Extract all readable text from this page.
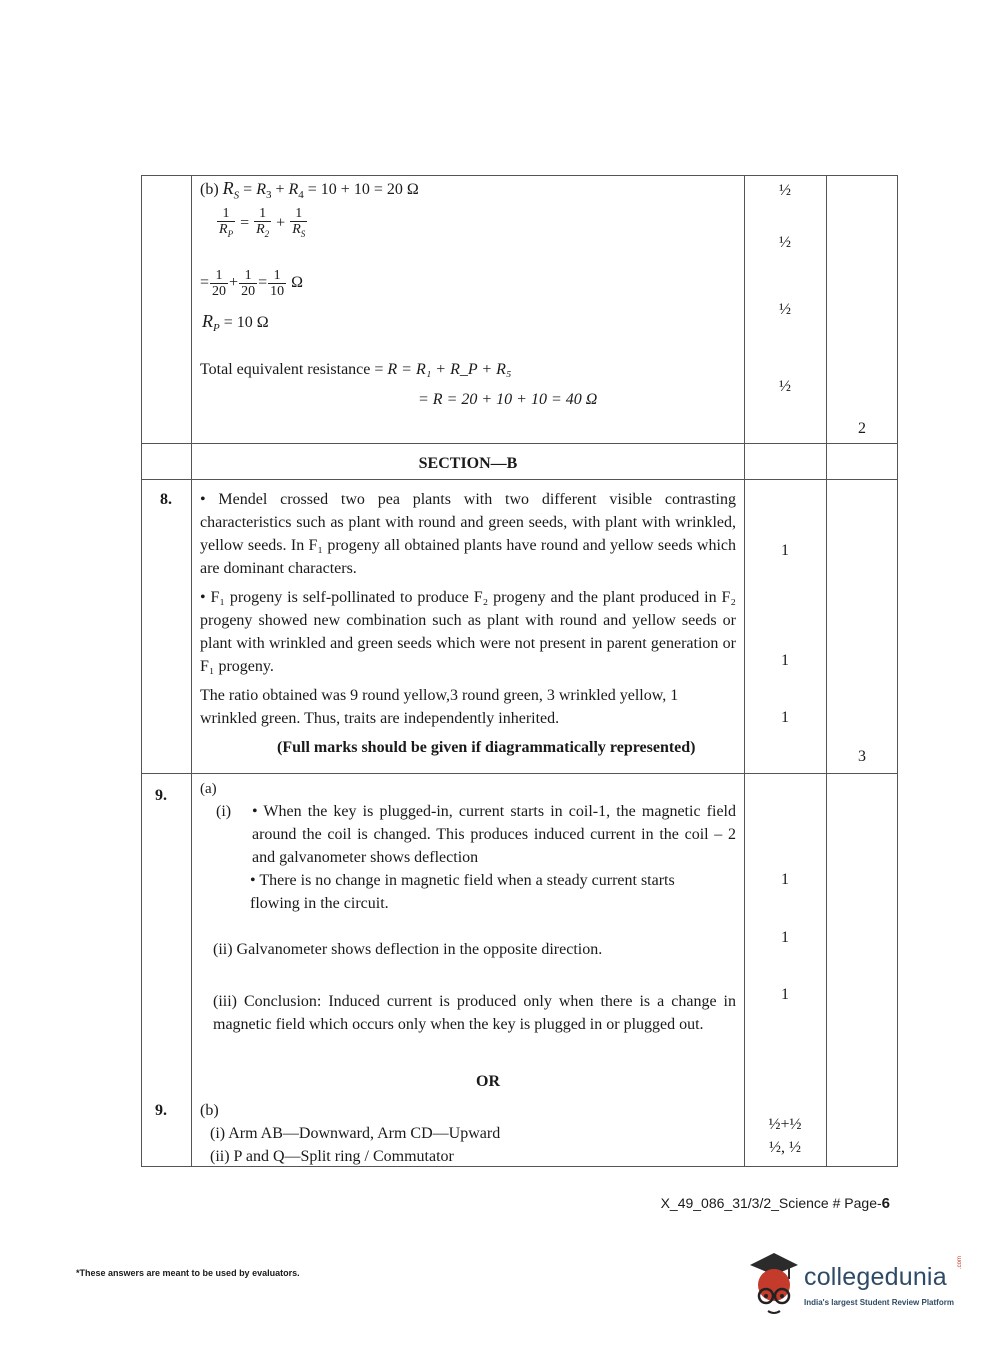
(b) $R_S = R_3 + R_4 = 10 + 10 = 20$ Ω
$\frac{1}{R_P} = \frac{1}{R_2} + \frac{1}{R_S}$
= $\frac{1}{20} + \frac{1}{20} = \frac{1}{10}$ Ω
$R_P = 10$ Ω
Total equivalent resistance = R = R₁ + R_P + R₅
= R = 20 + 10 + 10 = 40 Ω
½
½
½
½
2
SECTION—B
8. • Mendel crossed two pea plants with two different visible contrasting characteristics such as plant with round and green seeds, with plant with wrinkled, yellow seeds. In F₁ progeny all obtained plants have round and yellow seeds which are dominant characters.
• F₁ progeny is self-pollinated to produce F₂ progeny and the plant produced in F₂ progeny showed new combination such as plant with round and yellow seeds or plant with wrinkled and green seeds which were not present in parent generation or F₁ progeny.
The ratio obtained was 9 round yellow,3 round green, 3 wrinkled yellow, 1 wrinkled green. Thus, traits are independently inherited.
(Full marks should be given if diagrammatically represented)
1
1
1
3
9. (a)
(i) • When the key is plugged-in, current starts in coil-1, the magnetic field around the coil is changed. This produces induced current in the coil – 2 and galvanometer shows deflection
• There is no change in magnetic field when a steady current starts flowing in the circuit.
(ii) Galvanometer shows deflection in the opposite direction.
(iii) Conclusion: Induced current is produced only when there is a change in magnetic field which occurs only when the key is plugged in or plugged out.
OR
1
1
1
9. (b)
(i) Arm AB—Downward, Arm CD—Upward
(ii) P and Q—Split ring / Commutator
½+½
½, ½
X_49_086_31/3/2_Science # Page-6
*These answers are meant to be used by evaluators.	collegedunia
.com
India's largest Student Review Platform
